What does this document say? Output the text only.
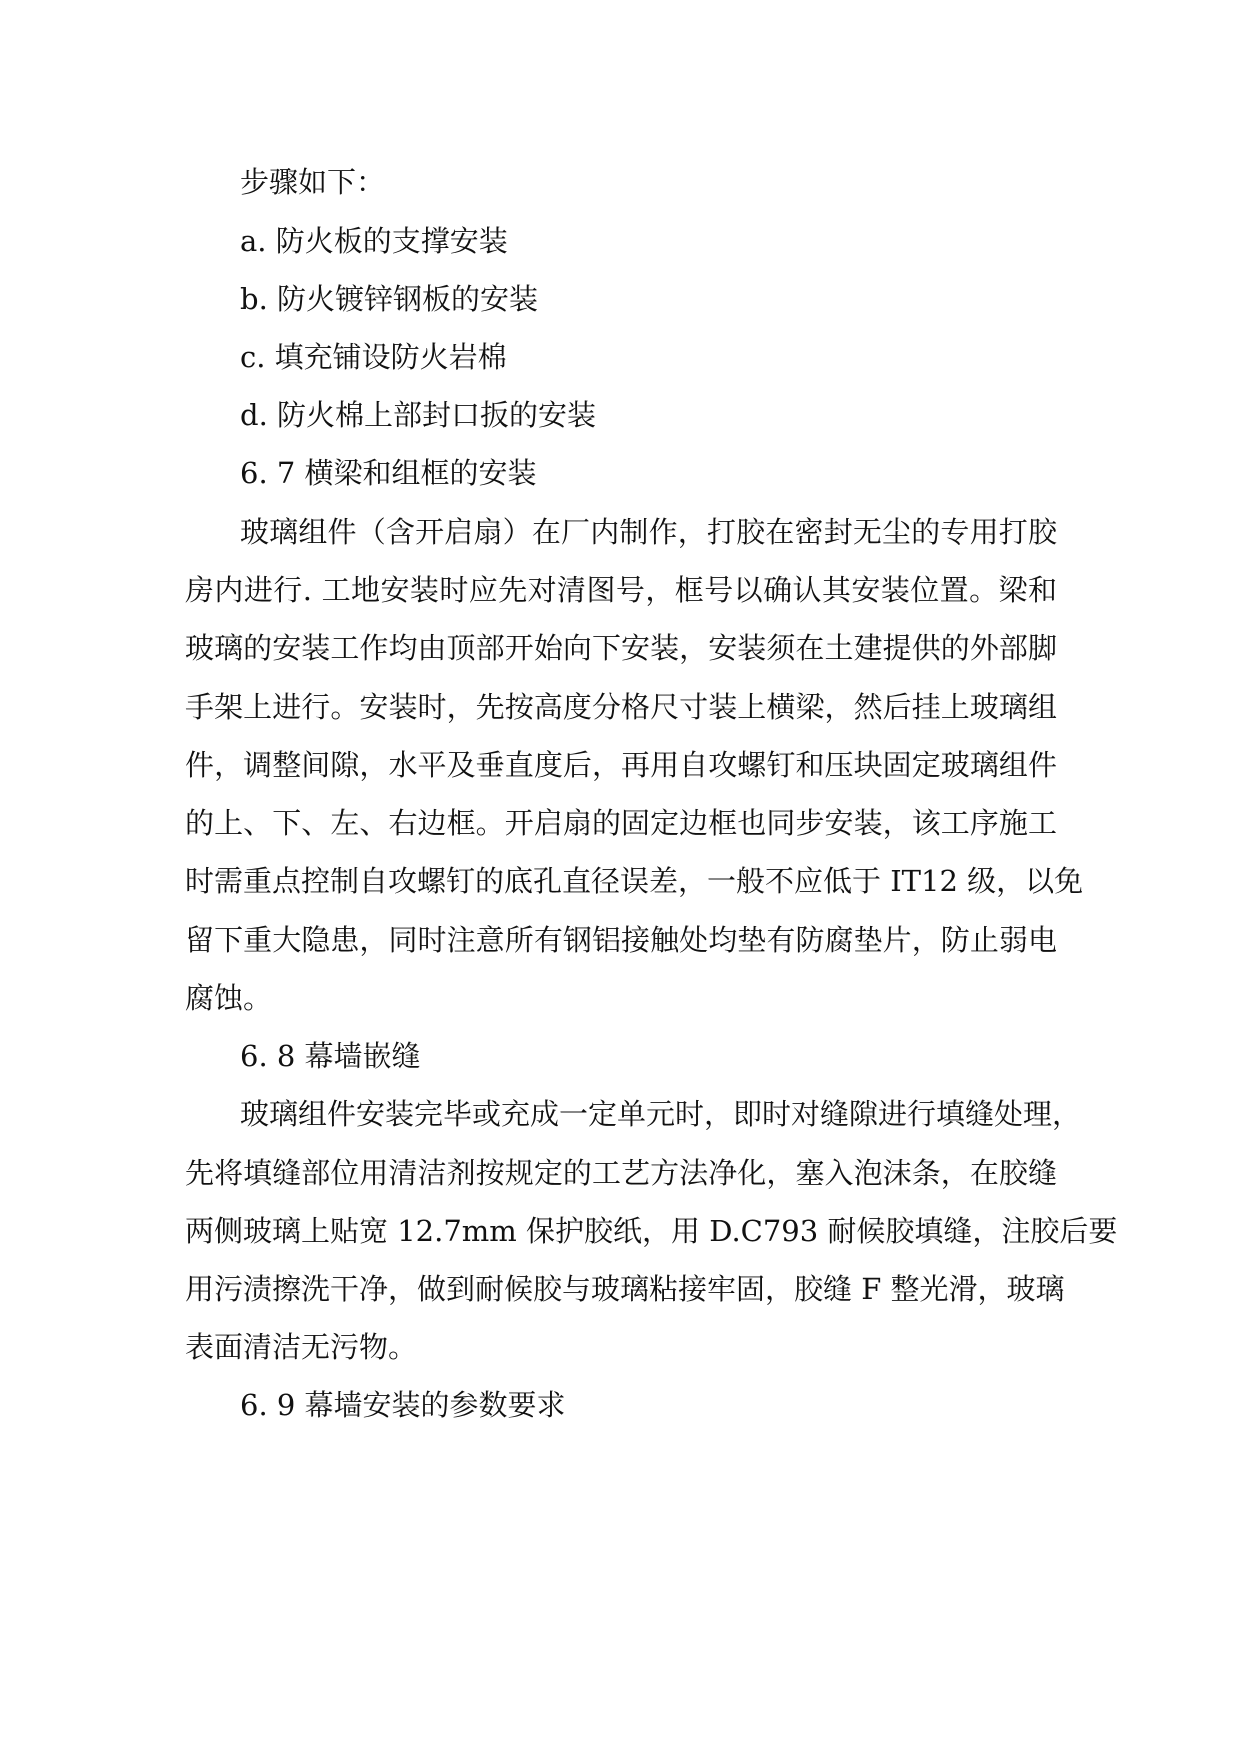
步骤如下：
a. 防火板的支撑安装
b. 防火镀锌钢板的安装
c. 填充铺设防火岩棉
d. 防火棉上部封口扳的安装
6. 7 横梁和组框的安装
玻璃组件（含开启扇）在厂内制作，打胶在密封无尘的专用打胶
房内进行. 工地安装时应先对清图号，框号以确认其安装位置。梁和
玻璃的安装工作均由顶部开始向下安装，安装须在土建提供的外部脚
手架上进行。安装时，先按高度分格尺寸装上横梁，然后挂上玻璃组
件，调整间隙，水平及垂直度后，再用自攻螺钉和压块固定玻璃组件
的上、下、左、右边框。开启扇的固定边框也同步安装，该工序施工
时需重点控制自攻螺钉的底孔直径误差，一般不应低于 IT12 级，以免
留下重大隐患，同时注意所有钢铝接触处均垫有防腐垫片，防止弱电
腐蚀。
6. 8 幕墙嵌缝
玻璃组件安装完毕或充成一定单元时，即时对缝隙进行填缝处理，
先将填缝部位用清洁剂按规定的工艺方法净化，塞入泡沫条，在胶缝
两侧玻璃上贴宽 12.7mm 保护胶纸，用 D.C793 耐候胶填缝，注胶后要
用污渍擦洗干净，做到耐候胶与玻璃粘接牢固，胶缝 F 整光滑，玻璃
表面清洁无污物。
6. 9 幕墙安装的参数要求
